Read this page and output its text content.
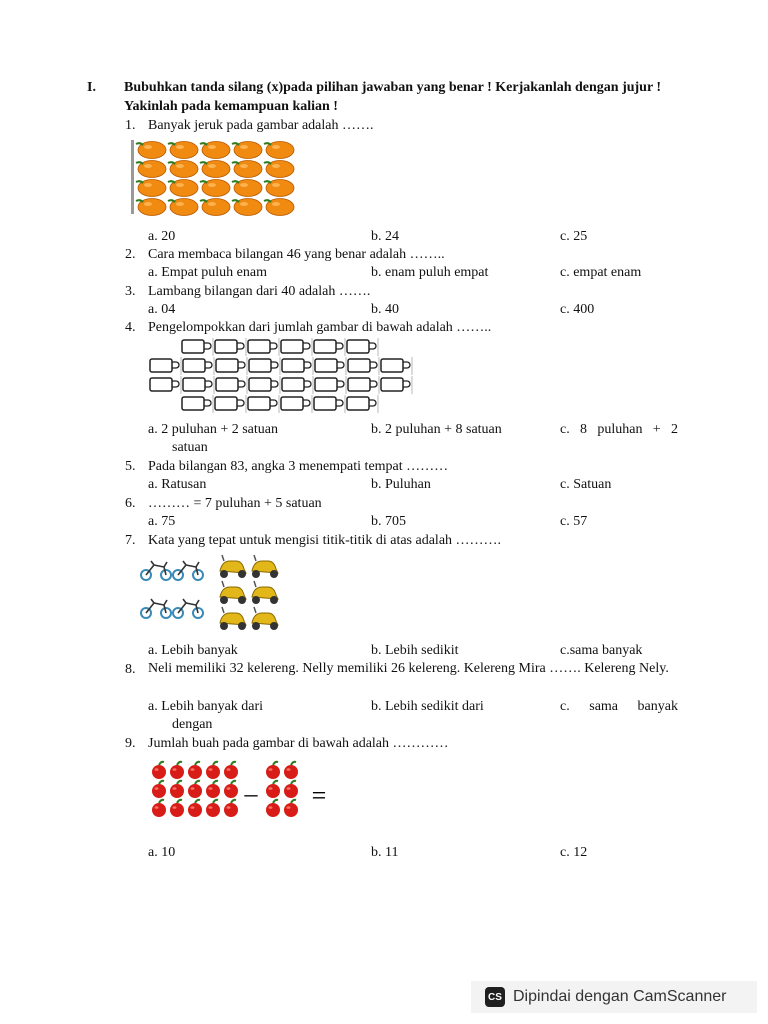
I. Bubuhkan tanda silang (x)pada pilihan jawaban yang benar ! Kerjakanlah dengan jujur ! Yakinlah pada kemampuan kalian !
1. Banyak jeruk pada gambar adalah …….
a. 20	b. 24	c. 25
2. Cara membaca bilangan 46 yang benar adalah ……..
a. Empat puluh enam	b. enam puluh empat	c. empat enam
3. Lambang bilangan dari 40 adalah …….
a. 04	b. 40	c. 400
4. Pengelompokkan dari jumlah gambar di bawah adalah ……..
a. 2 puluhan + 2 satuan
satuan
b. 2 puluhan + 8 satuan	c. 8 puluhan + 2
5. Pada bilangan 83, angka 3 menempati tempat ………
a. Ratusan	b. Puluhan	c. Satuan
6. ……… = 7 puluhan + 5 satuan
a. 75	b. 705	c. 57
7. Kata yang tepat untuk mengisi titik-titik di atas adalah ……….
a. Lebih banyak	b. Lebih sedikit	c.sama banyak
8. Neli memiliki 32 kelereng. Nelly memiliki 26 kelereng. Kelereng Mira ……. Kelereng Nely.
a. Lebih banyak dari
dengan
b. Lebih sedikit dari	c. sama banyak
9. Jumlah buah pada gambar di bawah adalah …………
– =
a. 10	b. 11	c. 12
CS Dipindai dengan CamScanner
